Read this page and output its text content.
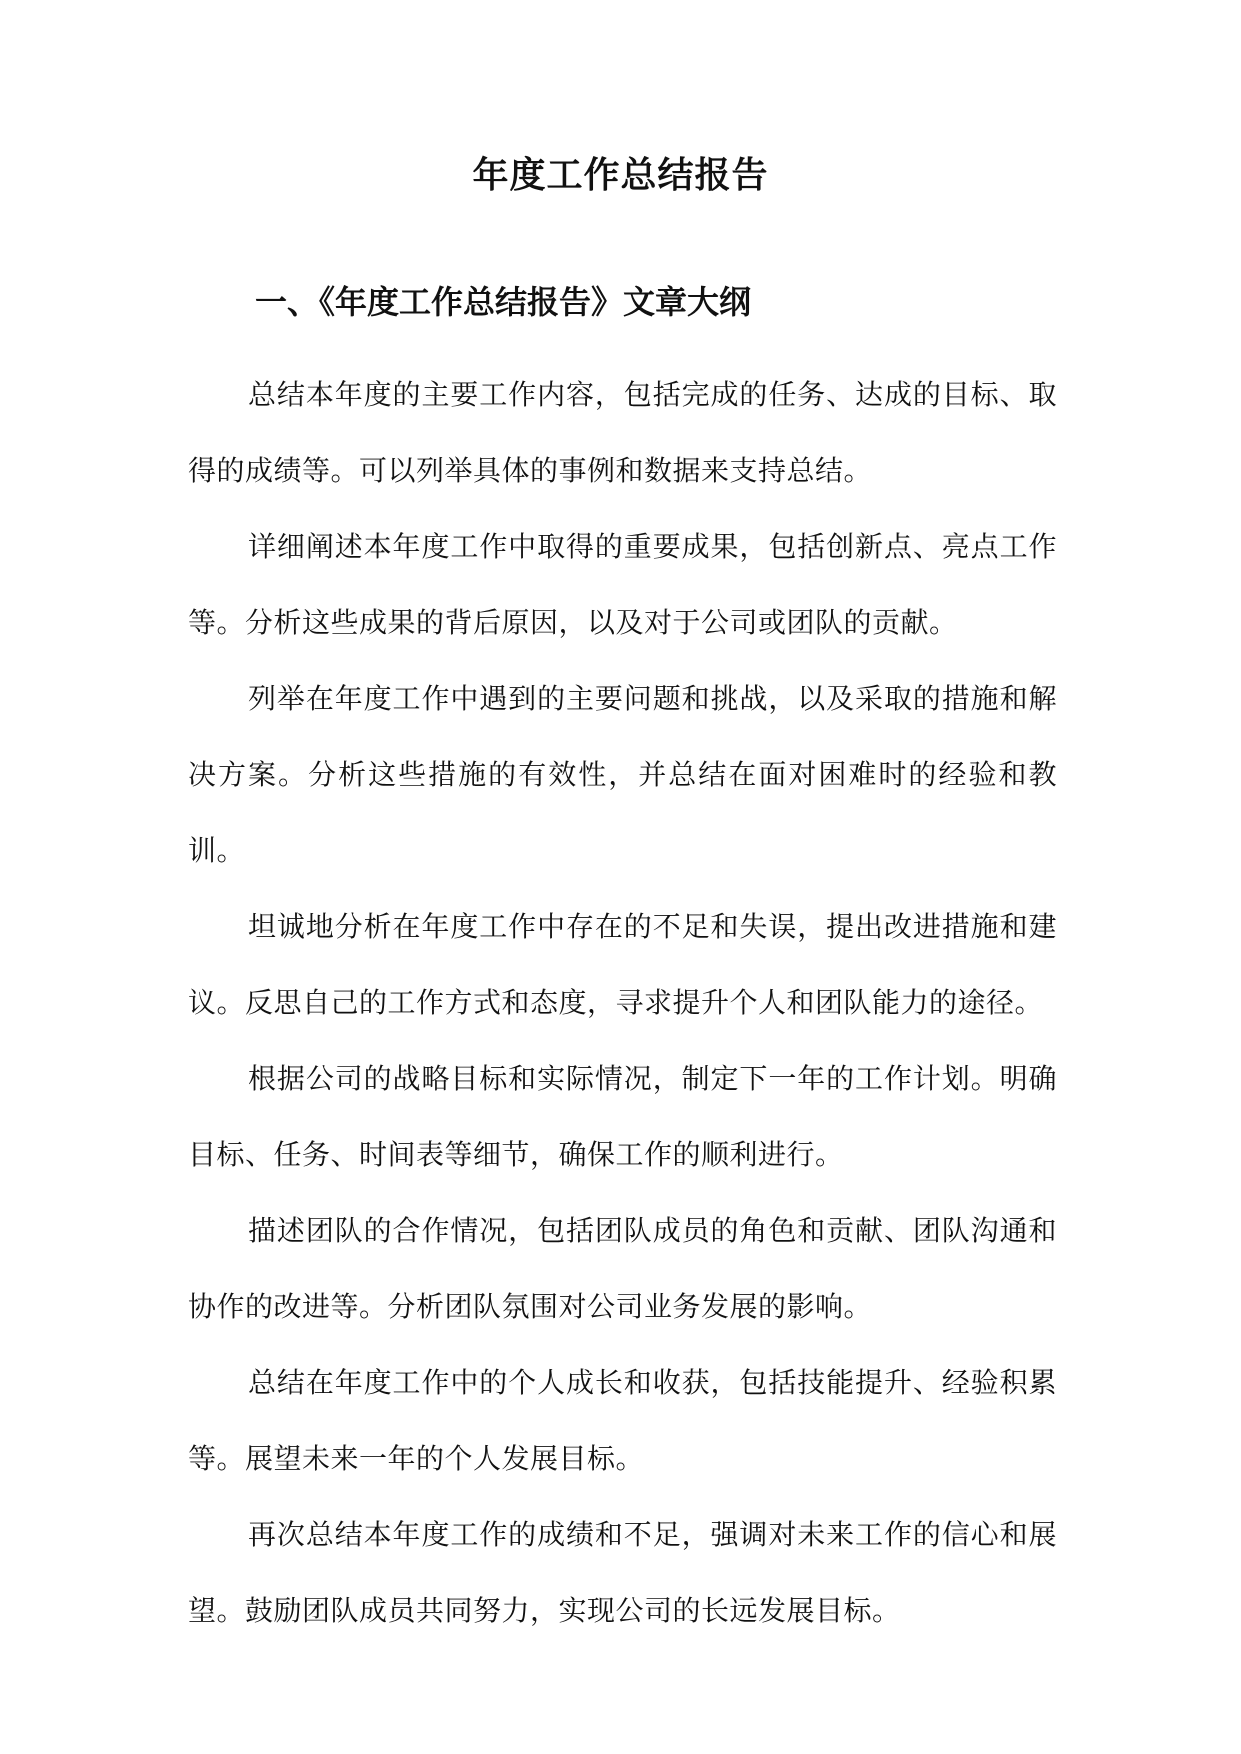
年度工作总结报告
一、《年度工作总结报告》文章大纲

总结本年度的主要工作内容，包括完成的任务、达成的目标、取得的成绩等。可以列举具体的事例和数据来支持总结。

详细阐述本年度工作中取得的重要成果，包括创新点、亮点工作等。分析这些成果的背后原因，以及对于公司或团队的贡献。

列举在年度工作中遇到的主要问题和挑战，以及采取的措施和解决方案。分析这些措施的有效性，并总结在面对困难时的经验和教训。

坦诚地分析在年度工作中存在的不足和失误，提出改进措施和建议。反思自己的工作方式和态度，寻求提升个人和团队能力的途径。

根据公司的战略目标和实际情况，制定下一年的工作计划。明确目标、任务、时间表等细节，确保工作的顺利进行。

描述团队的合作情况，包括团队成员的角色和贡献、团队沟通和协作的改进等。分析团队氛围对公司业务发展的影响。

总结在年度工作中的个人成长和收获，包括技能提升、经验积累等。展望未来一年的个人发展目标。

再次总结本年度工作的成绩和不足，强调对未来工作的信心和展望。鼓励团队成员共同努力，实现公司的长远发展目标。
